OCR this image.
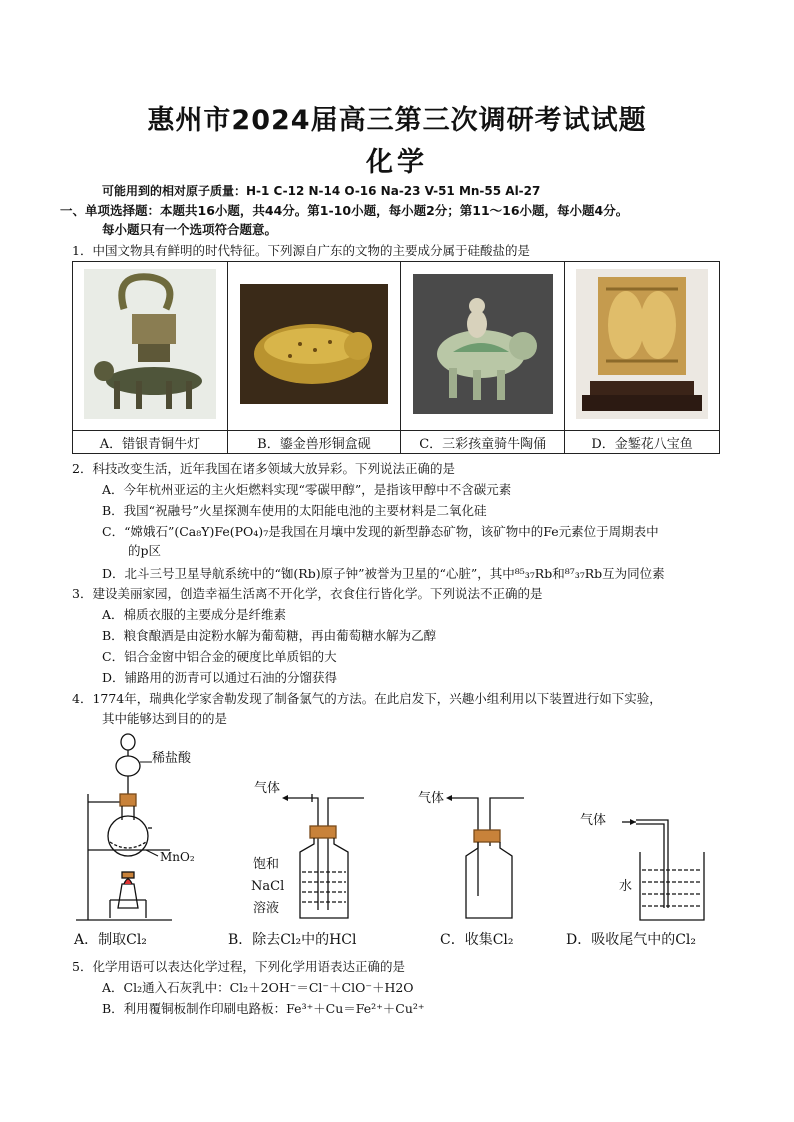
惠州市2024届高三第三次调研考试试题
化学
可能用到的相对原子质量：H-1 C-12 N-14 O-16 Na-23 V-51 Mn-55 Al-27
一、单项选择题：本题共16小题，共44分。第1-10小题，每小题2分；第11～16小题，每小题4分。
每小题只有一个选项符合题意。
1．中国文物具有鲜明的时代特征。下列源自广东的文物的主要成分属于硅酸盐的是

A．错银青铜牛灯	B．鎏金兽形铜盒砚	C．三彩孩童骑牛陶俑	D．金錾花八宝鱼
2．科技改变生活，近年我国在诸多领域大放异彩。下列说法正确的是
A．今年杭州亚运的主火炬燃料实现“零碳甲醇”，是指该甲醇中不含碳元素
B．我国“祝融号”火星探测车使用的太阳能电池的主要材料是二氧化硅
C．“嫦娥石”(Ca₈Y)Fe(PO₄)₇是我国在月壤中发现的新型静态矿物，该矿物中的Fe元素位于周期表中
的p区
D．北斗三号卫星导航系统中的“铷(Rb)原子钟”被誉为卫星的“心脏”，其中⁸⁵₃₇Rb和⁸⁷₃₇Rb互为同位素
3．建设美丽家园，创造幸福生活离不开化学，衣食住行皆化学。下列说法不正确的是
A．棉质衣服的主要成分是纤维素
B．粮食酿酒是由淀粉水解为葡萄糖，再由葡萄糖水解为乙醇
C．铝合金窗中铝合金的硬度比单质铝的大
D．铺路用的沥青可以通过石油的分馏获得
4．1774年，瑞典化学家舍勒发现了制备氯气的方法。在此启发下，兴趣小组利用以下装置进行如下实验，
其中能够达到目的的是
稀盐酸
MnO₂
气体
饱和
NaCl
溶液
气体
气体
水
A．制取Cl₂	B．除去Cl₂中的HCl	C．收集Cl₂	D．吸收尾气中的Cl₂
5．化学用语可以表达化学过程，下列化学用语表达正确的是
A．Cl₂通入石灰乳中：Cl₂＋2OH⁻＝Cl⁻＋ClO⁻＋H2O
B．利用覆铜板制作印刷电路板：Fe³⁺＋Cu＝Fe²⁺＋Cu²⁺
